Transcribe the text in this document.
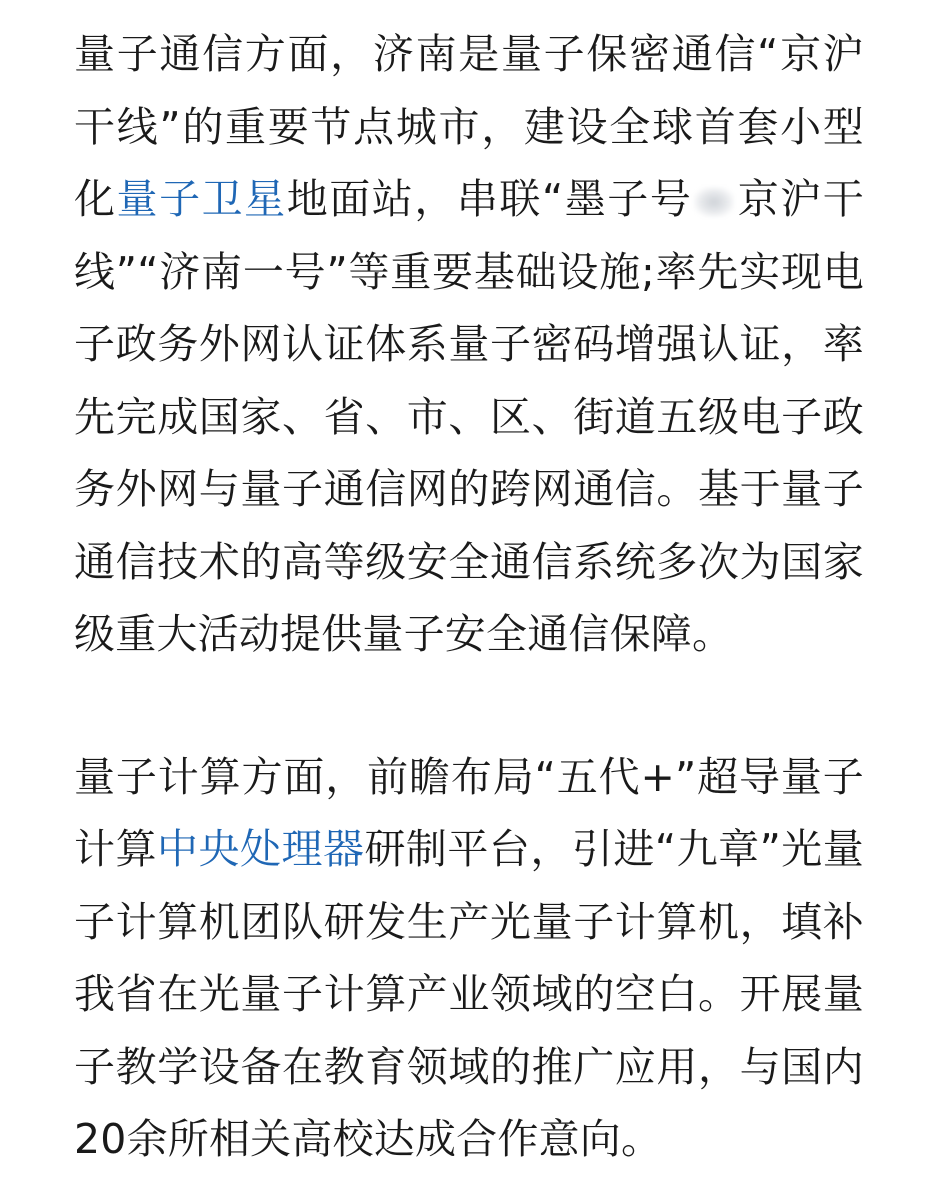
量子通信方面，济南是量子保密通信“京沪干线”的重要节点城市，建设全球首套小型化量子卫星地面站，串联“墨子号 京沪干线”“济南一号”等重要基础设施;率先实现电子政务外网认证体系量子密码增强认证，率先完成国家、省、市、区、街道五级电子政务外网与量子通信网的跨网通信。基于量子通信技术的高等级安全通信系统多次为国家级重大活动提供量子安全通信保障。

量子计算方面，前瞻布局“五代+”超导量子计算中央处理器研制平台，引进“九章”光量子计算机团队研发生产光量子计算机，填补我省在光量子计算产业领域的空白。开展量子教学设备在教育领域的推广应用，与国内20余所相关高校达成合作意向。
